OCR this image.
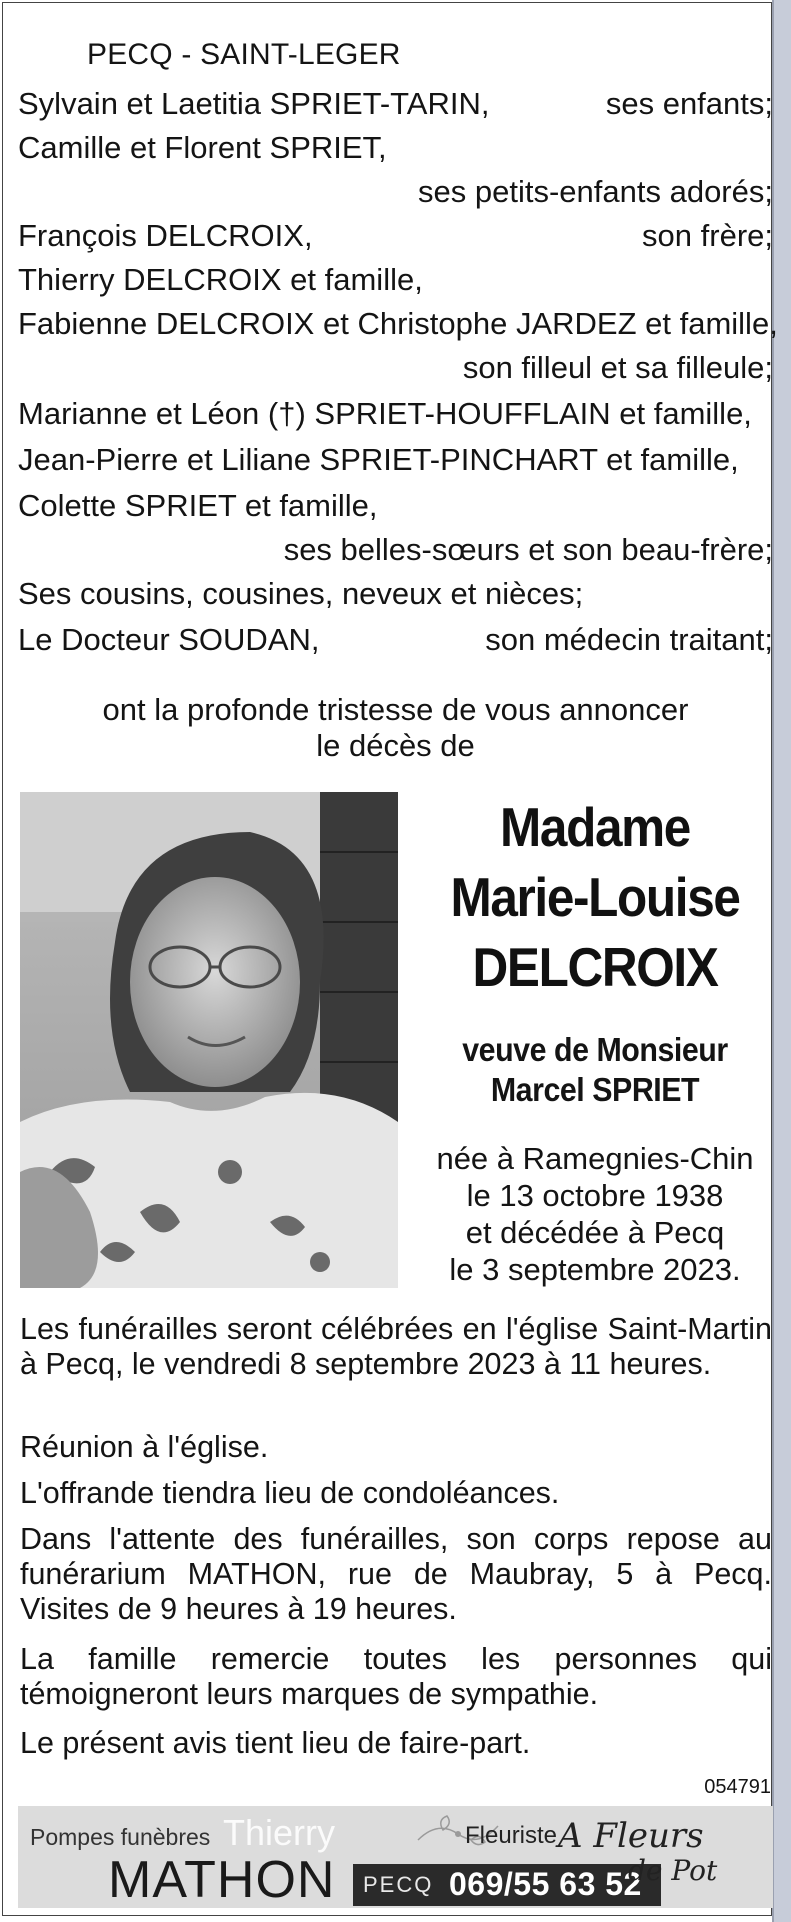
PECQ - SAINT-LEGER
Sylvain et Laetitia SPRIET-TARIN,	ses enfants;
Camille et Florent SPRIET,
ses petits-enfants adorés;
François DELCROIX,	son frère;
Thierry DELCROIX et famille,
Fabienne DELCROIX et Christophe JARDEZ et famille,
son filleul et sa filleule;
Marianne et Léon (†) SPRIET-HOUFFLAIN et famille,
Jean-Pierre et Liliane SPRIET-PINCHART et famille,
Colette SPRIET et famille,
ses belles-sœurs et son beau-frère;
Ses cousins, cousines, neveux et nièces;
Le Docteur SOUDAN,	son médecin traitant;
ont la profonde tristesse de vous annoncer
le décès de
Madame
Marie-Louise
DELCROIX
veuve de Monsieur
Marcel SPRIET
née à Ramegnies-Chin
le 13 octobre 1938
et décédée à Pecq
le 3 septembre 2023.
Les funérailles seront célébrées en l'église Saint-Martin à Pecq, le vendredi 8 septembre 2023 à 11 heures.
Réunion à l'église.
L'offrande tiendra lieu de condoléances.
Dans l'attente des funérailles, son corps repose au funérarium MATHON, rue de Maubray, 5 à Pecq. Visites de 9 heures à 19 heures.
La famille remercie toutes les personnes qui témoigneront leurs marques de sympathie.
Le présent avis tient lieu de faire-part.
054791
Thierry
Pompes funèbres
MATHON PECQ 069/55 63 52
Fleuriste A Fleurs
de Pot
